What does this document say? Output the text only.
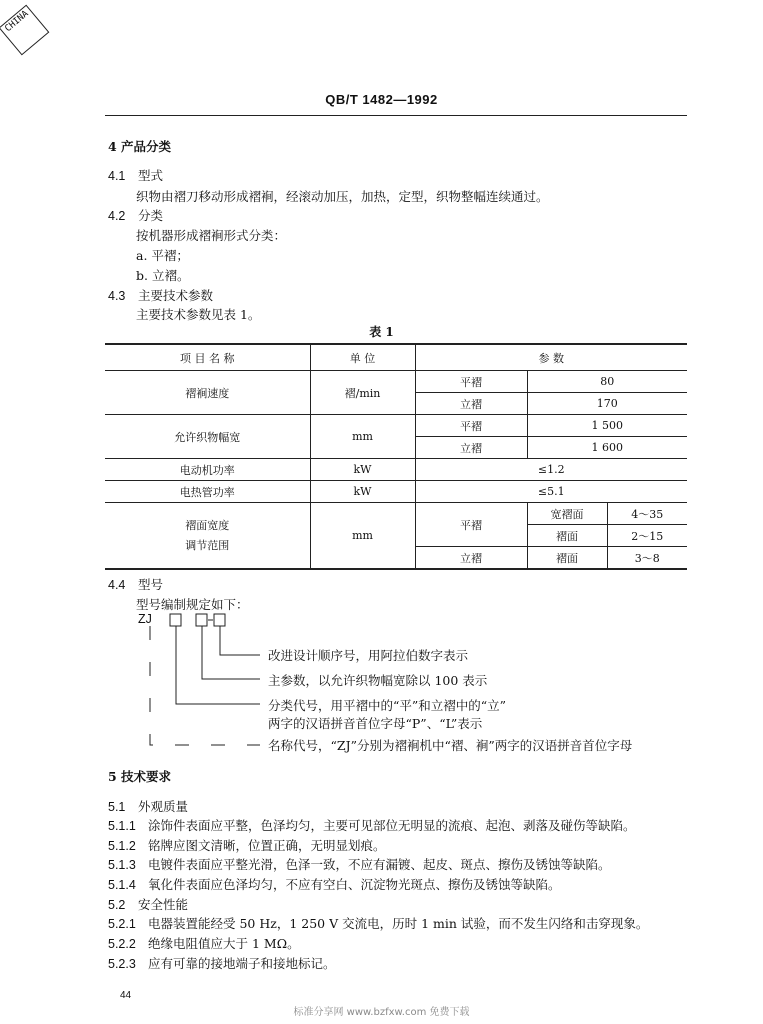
CHINA
QB/T 1482—1992
4 产品分类
4.1 型式
织物由褶刀移动形成褶裥，经滚动加压，加热，定型，织物整幅连续通过。
4.2 分类
按机器形成褶裥形式分类：
a. 平褶；
b. 立褶。
4.3 主要技术参数
主要技术参数见表 1。
表 1
项 目 名 称	单 位	参 数		
褶裥速度	褶/min	平褶	80	
		立褶	170	
允许织物幅宽	mm	平褶	1 500	
		立褶	1 600	
电动机功率	kW	≤1.2		
电热管功率	kW	≤5.1		
褶面宽度
调节范围	mm	平褶	宽褶面	4～35
			褶面	2～15
		立褶	褶面	3～8
4.4 型号
型号编制规定如下：
ZJ
改进设计顺序号，用阿拉伯数字表示
主参数，以允许织物幅宽除以 100 表示
分类代号，用平褶中的“平”和立褶中的“立”
两字的汉语拼音首位字母“P”、“L”表示
名称代号，“ZJ”分别为褶裥机中“褶、裥”两字的汉语拼音首位字母
5 技术要求
5.1 外观质量
5.1.1 涂饰件表面应平整，色泽均匀，主要可见部位无明显的流痕、起泡、剥落及碰伤等缺陷。
5.1.2 铭牌应图文清晰，位置正确，无明显划痕。
5.1.3 电镀件表面应平整光滑，色泽一致，不应有漏镀、起皮、斑点、擦伤及锈蚀等缺陷。
5.1.4 氧化件表面应色泽均匀，不应有空白、沉淀物光斑点、擦伤及锈蚀等缺陷。
5.2 安全性能
5.2.1 电器装置能经受 50 Hz，1 250 V 交流电，历时 1 min 试验，而不发生闪络和击穿现象。
5.2.2 绝缘电阻值应大于 1 MΩ。
5.2.3 应有可靠的接地端子和接地标记。
44
标准分享网 www.bzfxw.com 免费下载
